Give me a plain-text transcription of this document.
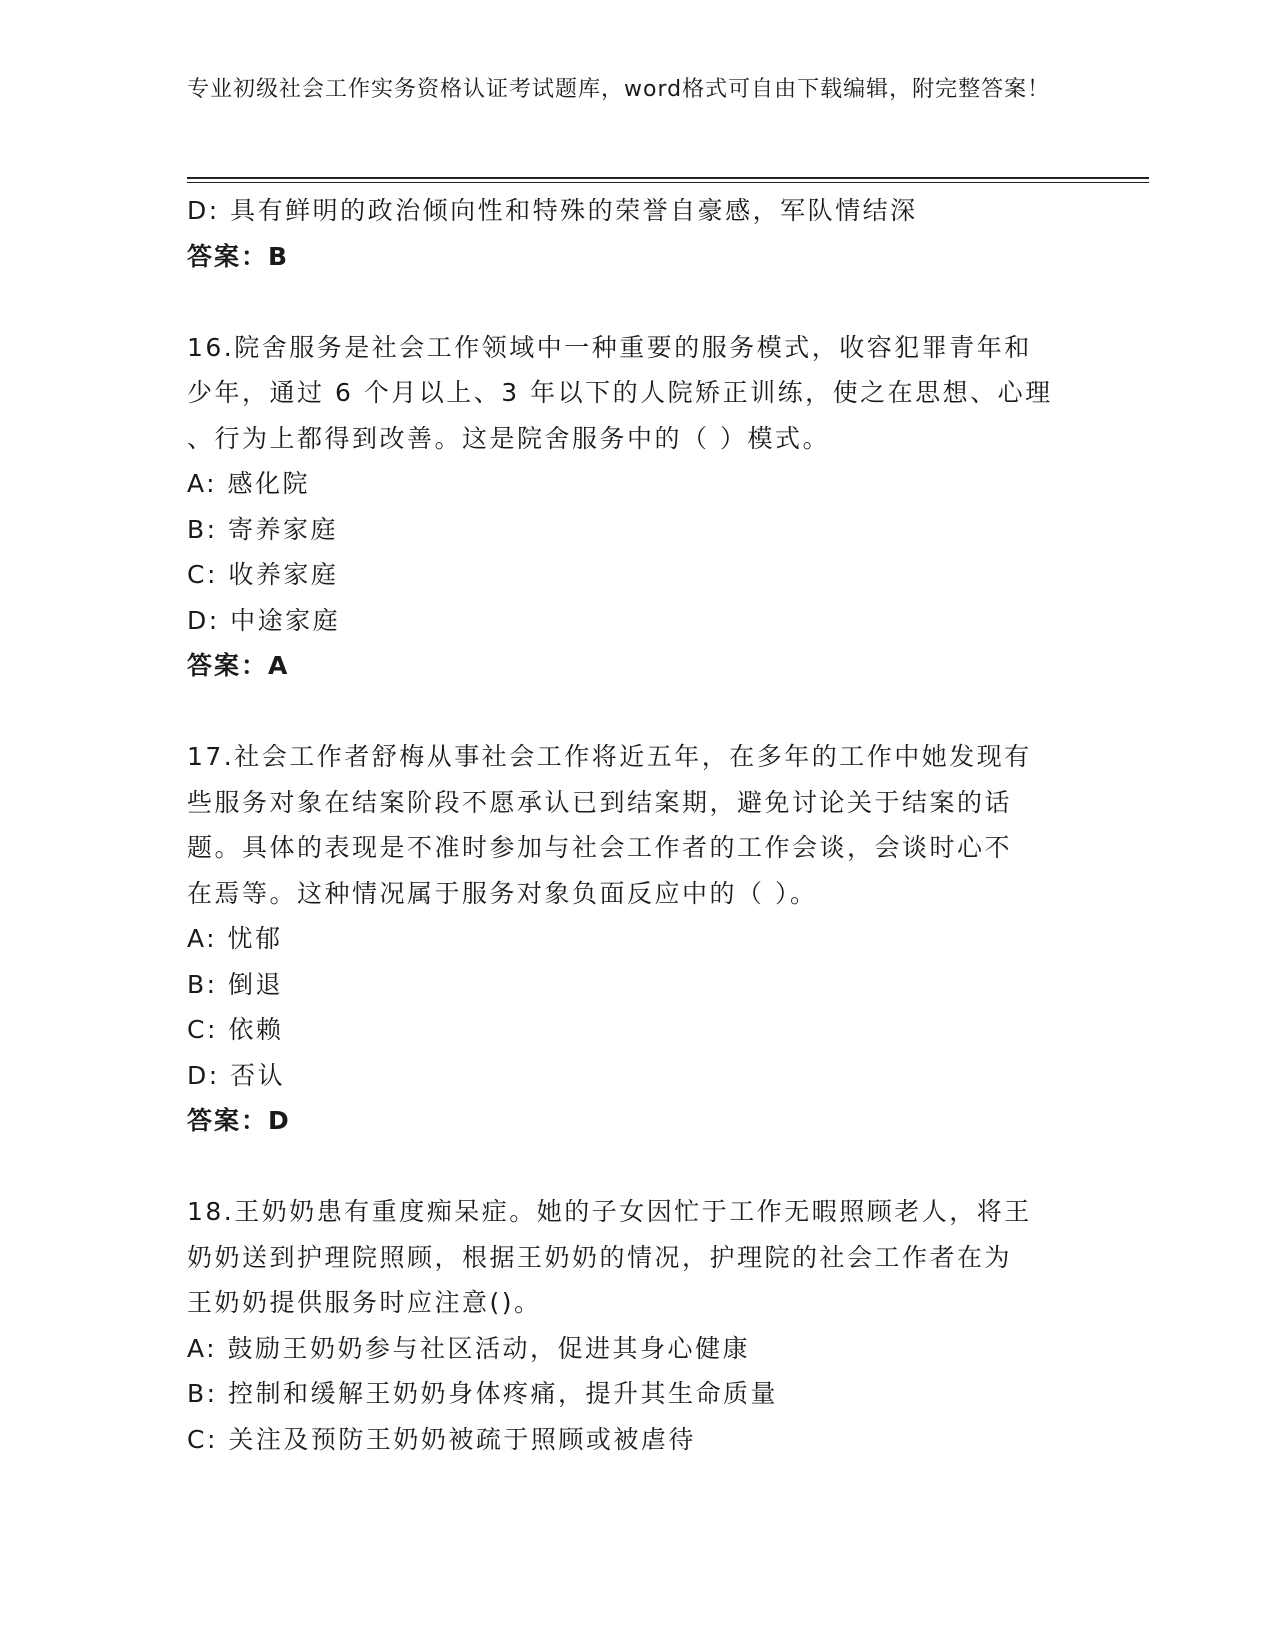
专业初级社会工作实务资格认证考试题库，word格式可自由下载编辑，附完整答案！
D: 具有鲜明的政治倾向性和特殊的荣誉自豪感，军队情结深
答案：B
16.院舍服务是社会工作领域中一种重要的服务模式，收容犯罪青年和
少年，通过 6 个月以上、3 年以下的人院矫正训练，使之在思想、心理
、行为上都得到改善。这是院舍服务中的（ ）模式。
A: 感化院
B: 寄养家庭
C: 收养家庭
D: 中途家庭
答案：A
17.社会工作者舒梅从事社会工作将近五年，在多年的工作中她发现有
些服务对象在结案阶段不愿承认已到结案期，避免讨论关于结案的话
题。具体的表现是不准时参加与社会工作者的工作会谈，会谈时心不
在焉等。这种情况属于服务对象负面反应中的（ ）。
A: 忧郁
B: 倒退
C: 依赖
D: 否认
答案：D
18.王奶奶患有重度痴呆症。她的子女因忙于工作无暇照顾老人，将王
奶奶送到护理院照顾，根据王奶奶的情况，护理院的社会工作者在为
王奶奶提供服务时应注意()。
A: 鼓励王奶奶参与社区活动，促进其身心健康
B: 控制和缓解王奶奶身体疼痛，提升其生命质量
C: 关注及预防王奶奶被疏于照顾或被虐待
